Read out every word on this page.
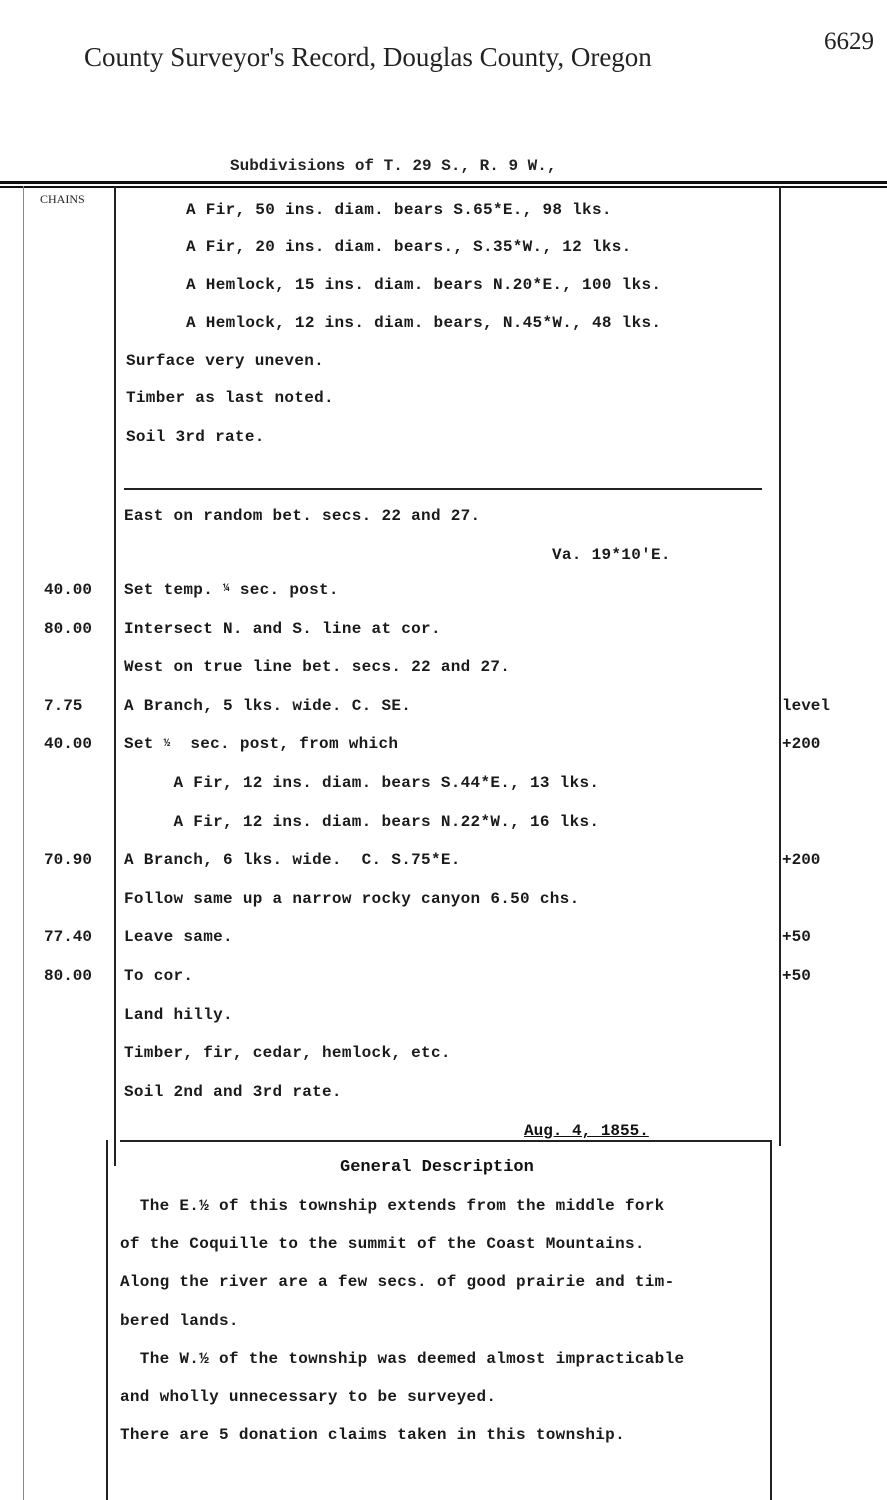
County Surveyor's Record, Douglas County, Oregon
6629
Subdivisions of T. 29 S., R. 9 W.,
CHAINS
A Fir, 50 ins. diam. bears S.65*E., 98 lks.
A Fir, 20 ins. diam. bears., S.35*W., 12 lks.
A Hemlock, 15 ins. diam. bears N.20*E., 100 lks.
A Hemlock, 12 ins. diam. bears, N.45*W., 48 lks.
Surface very uneven.
Timber as last noted.
Soil 3rd rate.
East on random bet. secs. 22 and 27.
Va. 19*10'E.
40.00 Set temp. ¼ sec. post.
80.00 Intersect N. and S. line at cor.
West on true line bet. secs. 22 and 27.
7.75	A Branch, 5 lks. wide. C. SE.	level
40.00 Set ½  sec. post, from which	+200
A Fir, 12 ins. diam. bears S.44*E., 13 lks.
A Fir, 12 ins. diam. bears N.22*W., 16 lks.
70.90 A Branch, 6 lks. wide.  C. S.75*E.	+200
Follow same up a narrow rocky canyon 6.50 chs.
77.40 Leave same.	+50
80.00 To cor.	+50
Land hilly.
Timber, fir, cedar, hemlock, etc.
Soil 2nd and 3rd rate.
Aug. 4, 1855.
General Description
The E.½ of this township extends from the middle fork
of the Coquille to the summit of the Coast Mountains.
Along the river are a few secs. of good prairie and tim-
bered lands.
The W.½ of the township was deemed almost impracticable
and wholly unnecessary to be surveyed.
There are 5 donation claims taken in this township.
